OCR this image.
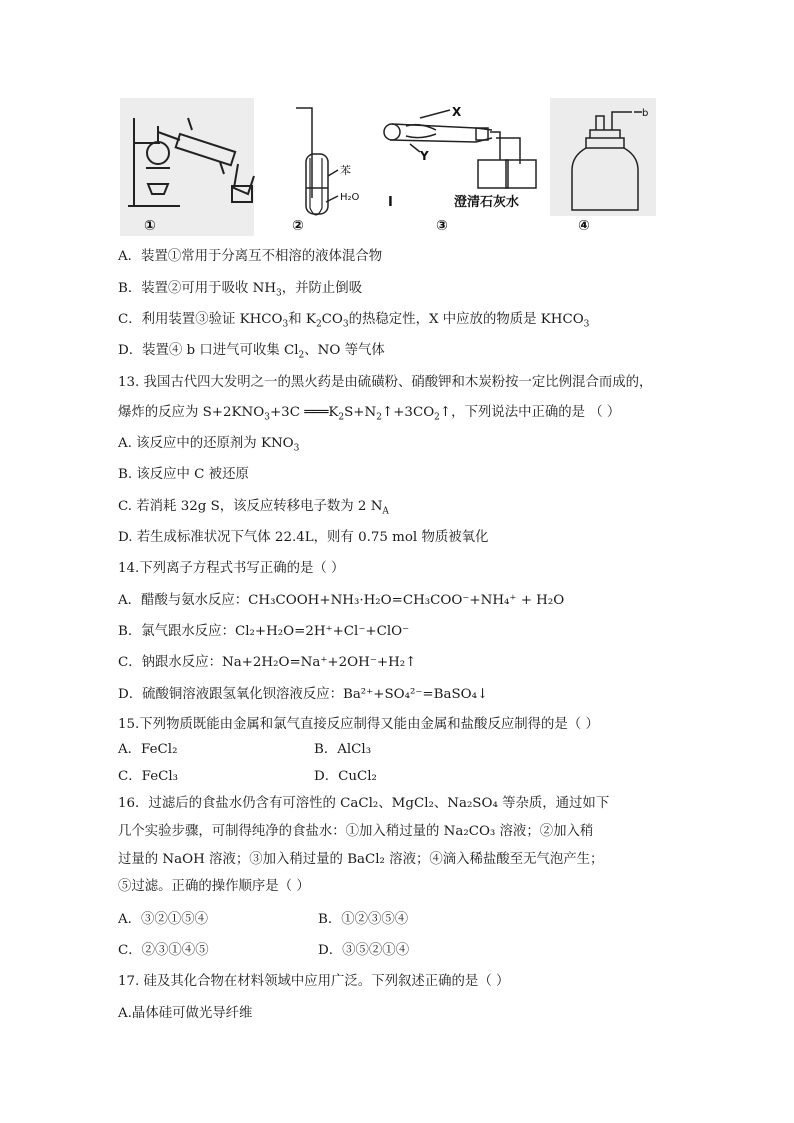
①
苯
H₂O
②
X
Y
I	澄清石灰水
③
b
④
A．装置①常用于分离互不相溶的液体混合物
B．装置②可用于吸收 $NH_3$，并防止倒吸
C．利用装置③验证 $KHCO_3$和 $K_2CO_3$的热稳定性，X 中应放的物质是 $KHCO_3$
D．装置④ b 口进气可收集 $Cl_2$、NO 等气体
13. 我国古代四大发明之一的黑火药是由硫磺粉、硝酸钾和木炭粉按一定比例混合而成的，
爆炸的反应为 $S+2KNO_3+3C$ $═══K_2S+N_2↑+3CO_2↑$，下列说法中正确的是 （ ）
A. 该反应中的还原剂为 $KNO_3$
B. 该反应中 C 被还原
C. 若消耗 32g S，该反应转移电子数为 2 $N_A$
D. 若生成标准状况下气体 22.4L，则有 0.75 mol 物质被氧化
14.下列离子方程式书写正确的是（ ）
A．醋酸与氨水反应：CH₃COOH+NH₃·H₂O=CH₃COO⁻+NH₄⁺ + H₂O
B．氯气跟水反应：Cl₂+H₂O=2H⁺+Cl⁻+ClO⁻
C．钠跟水反应：Na+2H₂O=Na⁺+2OH⁻+H₂↑
D．硫酸铜溶液跟氢氧化钡溶液反应：Ba²⁺+SO₄²⁻=BaSO₄↓
15.下列物质既能由金属和氯气直接反应制得又能由金属和盐酸反应制得的是（ ）
A．FeCl₂	B．AlCl₃
C．FeCl₃	D．CuCl₂
16．过滤后的食盐水仍含有可溶性的 CaCl₂、MgCl₂、Na₂SO₄ 等杂质，通过如下
几个实验步骤，可制得纯净的食盐水：①加入稍过量的 Na₂CO₃ 溶液；②加入稍
过量的 NaOH 溶液；③加入稍过量的 BaCl₂ 溶液；④滴入稀盐酸至无气泡产生；
⑤过滤。正确的操作顺序是（ ）
A．③②①⑤④	B．①②③⑤④
C．②③①④⑤	D．③⑤②①④
17. 硅及其化合物在材料领域中应用广泛。下列叙述正确的是（ ）
A.晶体硅可做光导纤维
